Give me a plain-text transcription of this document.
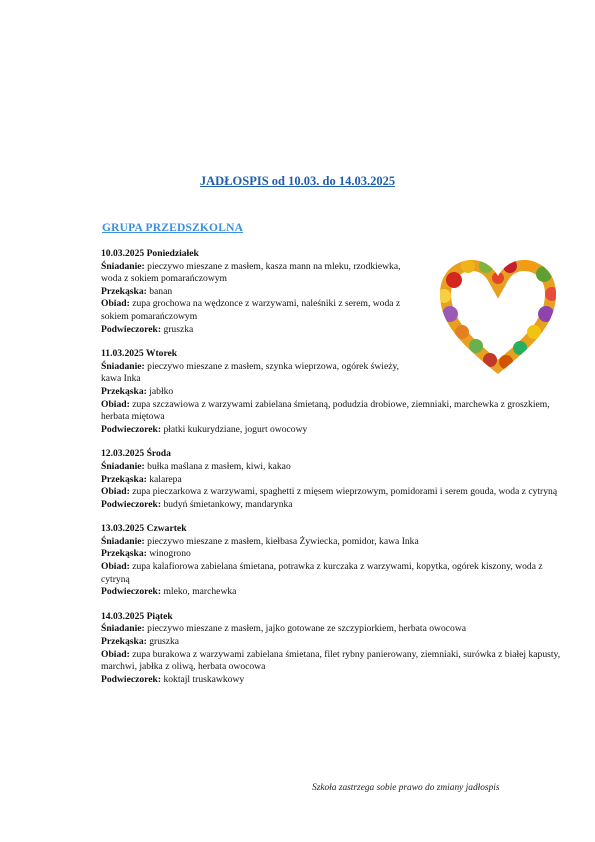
JADŁOSPIS od 10.03. do 14.03.2025
GRUPA PRZEDSZKOLNA
10.03.2025 Poniedziałek
Śniadanie: pieczywo mieszane z masłem, kasza mann na mleku, rzodkiewka, woda z sokiem pomarańczowym
Przekąska: banan
Obiad: zupa grochowa na wędzonce z warzywami, naleśniki z serem, woda z sokiem pomarańczowym
Podwieczorek: gruszka
11.03.2025 Wtorek
Śniadanie: pieczywo mieszane z masłem, szynka wieprzowa, ogórek świeży, kawa Inka
Przekąska: jabłko
Obiad: zupa szczawiowa z warzywami zabielana śmietaną, podudzia drobiowe, ziemniaki, marchewka z groszkiem, herbata miętowa
Podwieczorek: płatki kukurydziane, jogurt owocowy
12.03.2025 Środa
Śniadanie: bułka maślana z masłem, kiwi, kakao
Przekąska: kalarepa
Obiad: zupa pieczarkowa z warzywami, spaghetti z mięsem wieprzowym, pomidorami i serem gouda, woda z cytryną
Podwieczorek: budyń śmietankowy, mandarynka
13.03.2025 Czwartek
Śniadanie: pieczywo mieszane z masłem, kiełbasa Żywiecka, pomidor, kawa Inka
Przekąska: winogrono
Obiad: zupa kalafiorowa zabielana śmietana, potrawka z kurczaka z warzywami, kopytka, ogórek kiszony, woda z cytryną
Podwieczorek: mleko, marchewka
14.03.2025 Piątek
Śniadanie: pieczywo mieszane z masłem, jajko gotowane ze szczypiorkiem, herbata owocowa
Przekąska: gruszka
Obiad: zupa burakowa z warzywami zabielana śmietana, filet rybny panierowany, ziemniaki, surówka z białej kapusty, marchwi, jabłka z oliwą, herbata owocowa
Podwieczorek: koktajl truskawkowy
Szkoła zastrzega sobie prawo do zmiany jadłospis
